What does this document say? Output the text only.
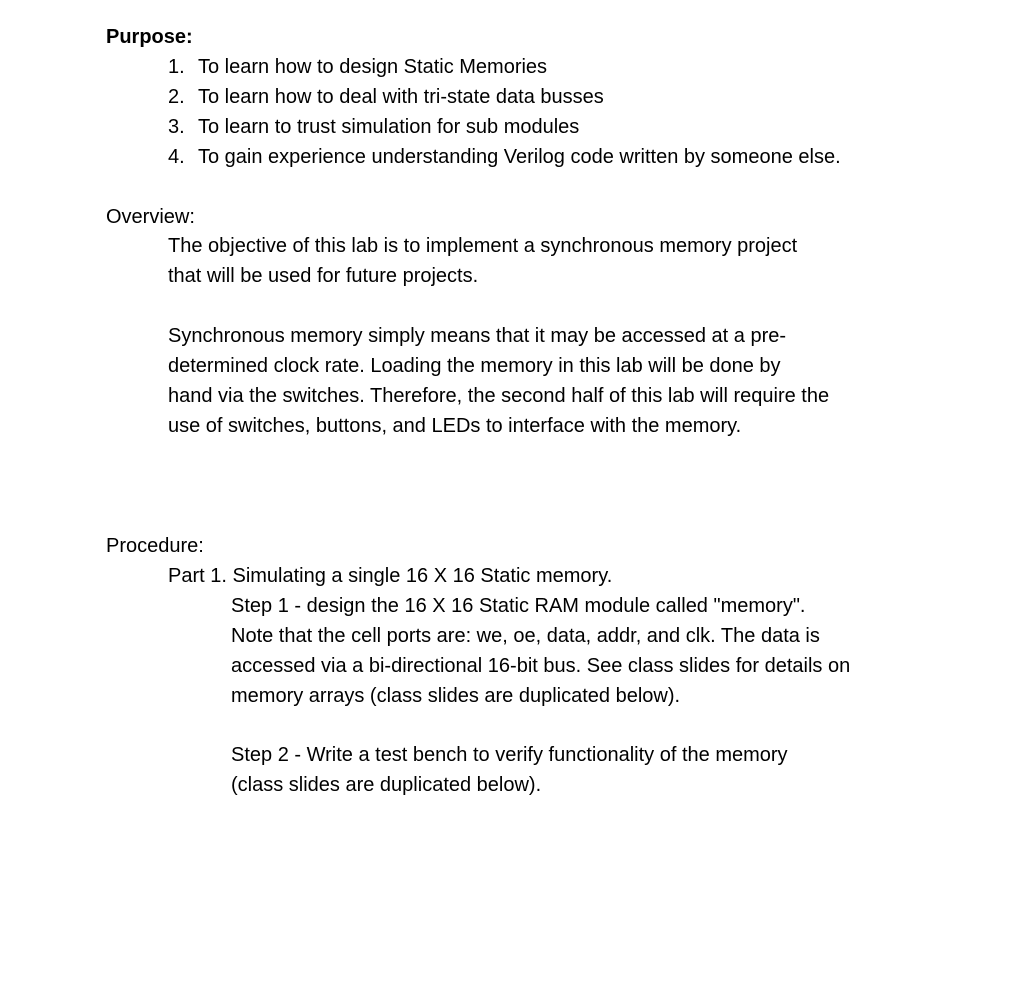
Purpose:
1. To learn how to design Static Memories
2. To learn how to deal with tri-state data busses
3. To learn to trust simulation for sub modules
4. To gain experience understanding Verilog code written by someone else.
Overview:
The objective of this lab is to implement a synchronous memory project
that will be used for future projects.
Synchronous memory simply means that it may be accessed at a pre-
determined clock rate. Loading the memory in this lab will be done by
hand via the switches. Therefore, the second half of this lab will require the
use of switches, buttons, and LEDs to interface with the memory.
Procedure:
Part 1. Simulating a single 16 X 16 Static memory.
Step 1 - design the 16 X 16 Static RAM module called "memory".
Note that the cell ports are: we, oe, data, addr, and clk. The data is
accessed via a bi-directional 16-bit bus. See class slides for details on
memory arrays (class slides are duplicated below).
Step 2 - Write a test bench to verify functionality of the memory
(class slides are duplicated below).
